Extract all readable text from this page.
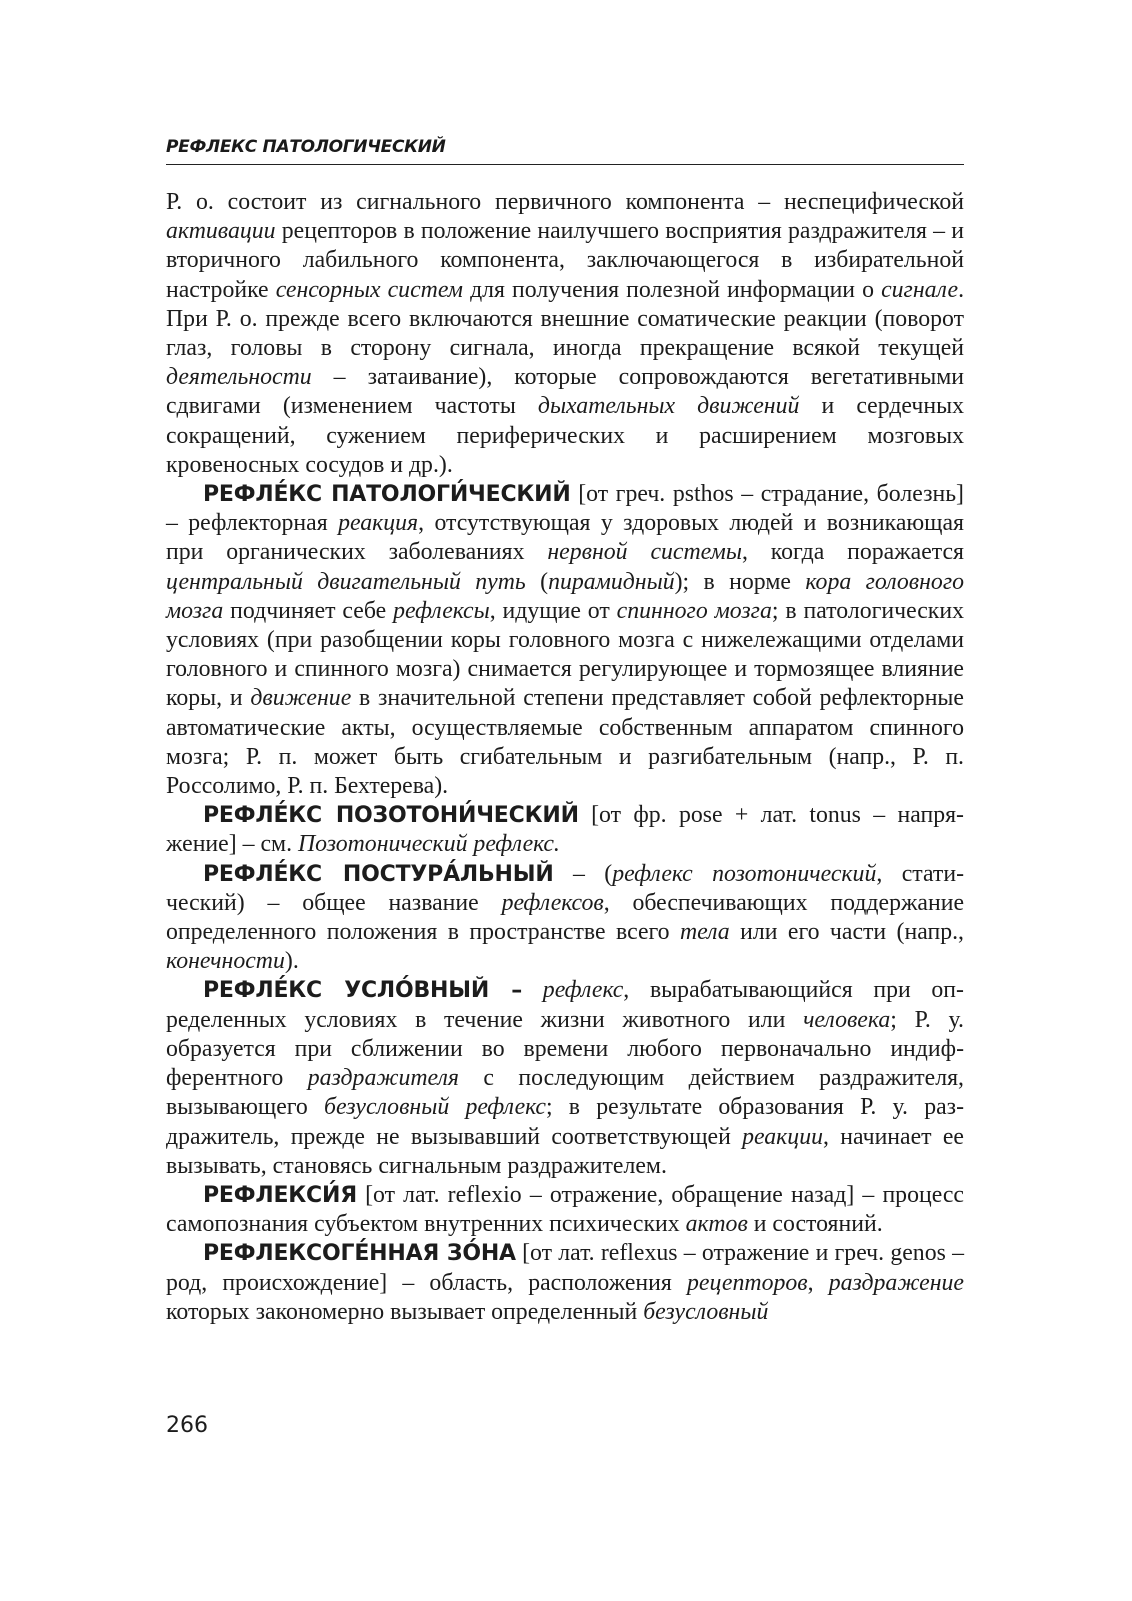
РЕФЛЕКС ПАТОЛОГИЧЕСКИЙ

Р. о. состоит из сигнального первичного компонента – неспецифической активации рецепторов в положение наилучшего восприятия раздражителя – и вторичного лабильного компонента, заключающегося в избирательной настройке сенсорных систем для получения полезной информации о сигнале. При Р. о. прежде всего включаются внешние соматические реакции (поворот глаз, головы в сторону сигнала, иногда прекращение всякой текущей деятельности – затаивание), которые сопровождаются вегетативными сдвигами (изменением частоты дыхательных движений и сердечных сокращений, сужением периферических и расширением мозговых кровеносных сосудов и др.).

РЕФЛЕ́КС ПАТОЛОГИ́ЧЕСКИЙ [от греч. psthos – страдание, болезнь] – рефлекторная реакция, отсутствующая у здоровых людей и возникающая при органических заболеваниях нервной системы, когда поражается центральный двигательный путь (пирамидный); в норме кора головного мозга подчиняет себе рефлексы, идущие от спинного мозга; в патологических условиях (при разобщении коры головного мозга с нижележащими отделами головного и спинного мозга) снимается регулирующее и тормозящее влияние коры, и движение в значительной степени представляет собой рефлекторные автоматические акты, осуществляемые собственным аппаратом спинного мозга; Р. п. может быть сгибательным и разгибательным (напр., Р. п. Россолимо, Р. п. Бехтерева).

РЕФЛЕ́КС ПОЗОТОНИ́ЧЕСКИЙ [от фр. pose + лат. tonus – напряжение] – см. Позотонический рефлекс.

РЕФЛЕ́КС ПОСТУРА́ЛЬНЫЙ – (рефлекс позотонический, статический) – общее название рефлексов, обеспечивающих поддержание определенного положения в пространстве всего тела или его части (напр., конечности).

РЕФЛЕ́КС УСЛО́ВНЫЙ – рефлекс, вырабатывающийся при определенных условиях в течение жизни животного или человека; Р. у. образуется при сближении во времени любого первоначально индифферентного раздражителя с последующим действием раздражителя, вызывающего безусловный рефлекс; в результате образования Р. у. раздражитель, прежде не вызывавший соответствующей реакции, начинает ее вызывать, становясь сигнальным раздражителем.

РЕФЛЕКСИ́Я [от лат. reflexio – отражение, обращение назад] – процесс самопознания субъектом внутренних психических актов и состояний.

РЕФЛЕКСОГЕ́ННАЯ ЗО́НА [от лат. reflexus – отражение и греч. genos – род, происхождение] – область, расположения рецепторов, раздражение которых закономерно вызывает определенный безусловный

266
